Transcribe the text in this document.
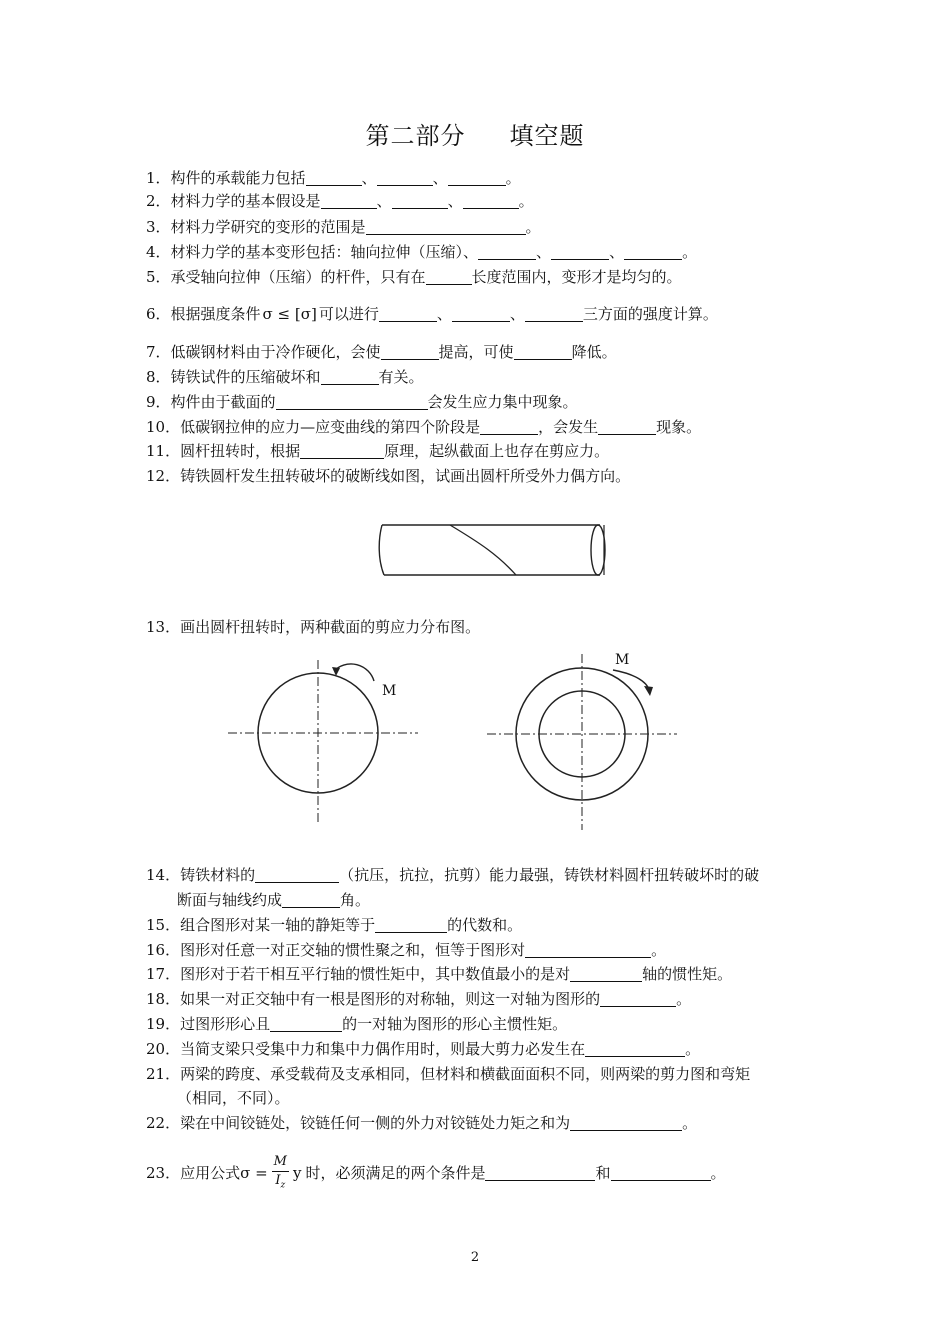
第二部分 填空题
1．构件的承载能力包括	、	、	。
2．材料力学的基本假设是	、	、	。
3．材料力学研究的变形的范围是	。
4．材料力学的基本变形包括：轴向拉伸（压缩）、	、	、	。
5．承受轴向拉伸（压缩）的杆件，只有在	长度范围内，变形才是均匀的。
6．根据强度条件 σ ≤ [σ] 可以进行	、	、	三方面的强度计算。
7．低碳钢材料由于冷作硬化，会使	提高，可使	降低。
8．铸铁试件的压缩破坏和	有关。
9．构件由于截面的	会发生应力集中现象。
10．低碳钢拉伸的应力—应变曲线的第四个阶段是	，会发生	现象。
11．圆杆扭转时，根据	原理，起纵截面上也存在剪应力。
12．铸铁圆杆发生扭转破坏的破断线如图，试画出圆杆所受外力偶方向。
13．画出圆杆扭转时，两种截面的剪应力分布图。
M
M
14．铸铁材料的	（抗压，抗拉，抗剪）能力最强，铸铁材料圆杆扭转破坏时的破
断面与轴线约成	角。
15．组合图形对某一轴的静矩等于	的代数和。
16．图形对任意一对正交轴的惯性聚之和，恒等于图形对	。
17．图形对于若干相互平行轴的惯性矩中，其中数值最小的是对	轴的惯性矩。
18．如果一对正交轴中有一根是图形的对称轴，则这一对轴为图形的	。
19．过图形形心且	的一对轴为图形的形心主惯性矩。
20．当简支梁只受集中力和集中力偶作用时，则最大剪力必发生在	。
21．两梁的跨度、承受载荷及支承相同，但材料和横截面面积不同，则两梁的剪力图和弯矩
（相同，不同）。
22．梁在中间铰链处，铰链任何一侧的外力对铰链处力矩之和为	。
23．应用公式$\sigma = \frac{M}{I_z}$ y 时，必须满足的两个条件是	和	。
2
